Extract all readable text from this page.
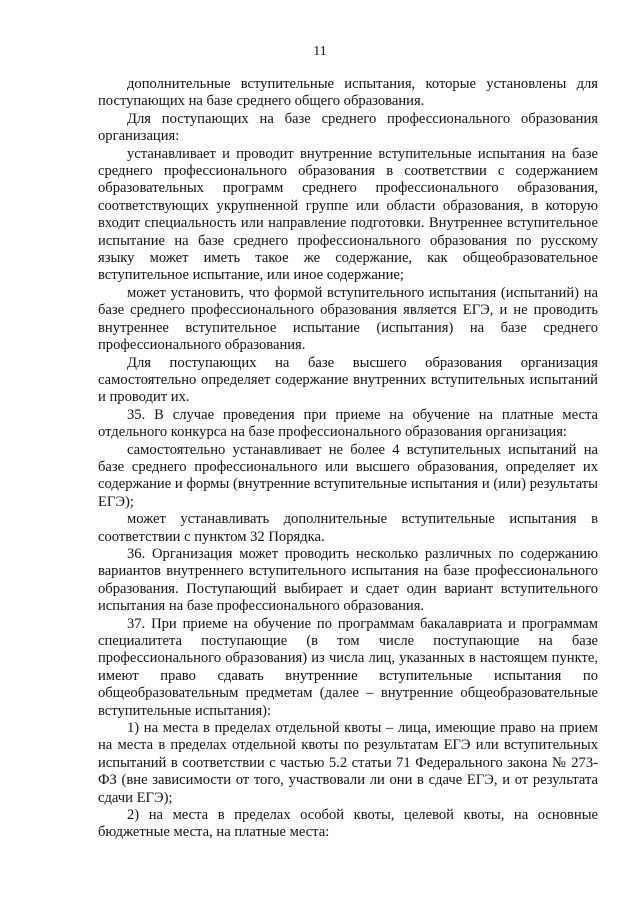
11

дополнительные вступительные испытания, которые установлены для поступающих на базе среднего общего образования.

Для поступающих на базе среднего профессионального образования организация:

устанавливает и проводит внутренние вступительные испытания на базе среднего профессионального образования в соответствии с содержанием образовательных программ среднего профессионального образования, соответствующих укрупненной группе или области образования, в которую входит специальность или направление подготовки. Внутреннее вступительное испытание на базе среднего профессионального образования по русскому языку может иметь такое же содержание, как общеобразовательное вступительное испытание, или иное содержание;

может установить, что формой вступительного испытания (испытаний) на базе среднего профессионального образования является ЕГЭ, и не проводить внутреннее вступительное испытание (испытания) на базе среднего профессионального образования.

Для поступающих на базе высшего образования организация самостоятельно определяет содержание внутренних вступительных испытаний и проводит их.

35. В случае проведения при приеме на обучение на платные места отдельного конкурса на базе профессионального образования организация:

самостоятельно устанавливает не более 4 вступительных испытаний на базе среднего профессионального или высшего образования, определяет их содержание и формы (внутренние вступительные испытания и (или) результаты ЕГЭ);

может устанавливать дополнительные вступительные испытания в соответствии с пунктом 32 Порядка.

36. Организация может проводить несколько различных по содержанию вариантов внутреннего вступительного испытания на базе профессионального образования. Поступающий выбирает и сдает один вариант вступительного испытания на базе профессионального образования.

37. При приеме на обучение по программам бакалавриата и программам специалитета поступающие (в том числе поступающие на базе профессионального образования) из числа лиц, указанных в настоящем пункте, имеют право сдавать внутренние вступительные испытания по общеобразовательным предметам (далее – внутренние общеобразовательные вступительные испытания):

1) на места в пределах отдельной квоты – лица, имеющие право на прием на места в пределах отдельной квоты по результатам ЕГЭ или вступительных испытаний в соответствии с частью 5.2 статьи 71 Федерального закона № 273-ФЗ (вне зависимости от того, участвовали ли они в сдаче ЕГЭ, и от результата сдачи ЕГЭ);

2) на места в пределах особой квоты, целевой квоты, на основные бюджетные места, на платные места:
